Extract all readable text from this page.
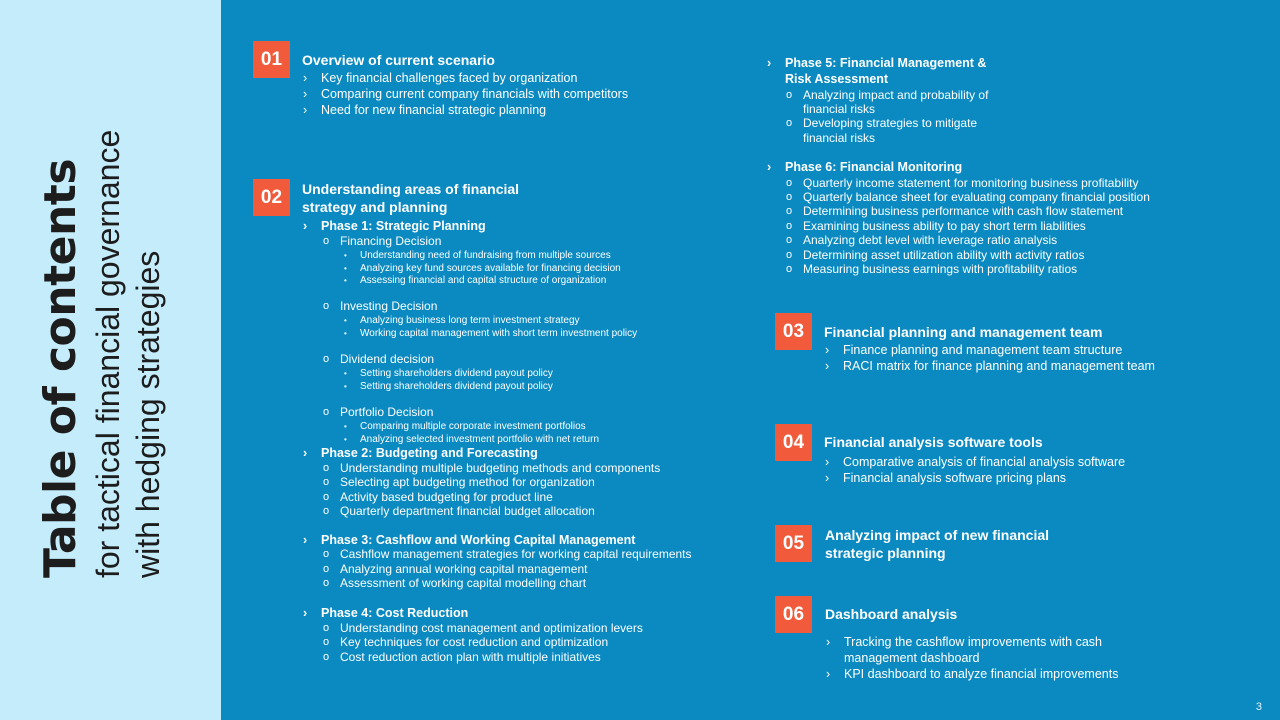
Table of contents for tactical financial governance with hedging strategies
01	Overview of current scenario
› Key financial challenges faced by organization
› Comparing current company financials with competitors
› Need for new financial strategic planning
02	Understanding areas of financial
strategy and planning
› Phase 1: Strategic Planning
o Financing Decision
• Understanding need of fundraising from multiple sources
• Analyzing key fund sources available for financing decision
• Assessing financial and capital structure of organization
o Investing Decision
• Analyzing business long term investment strategy
• Working capital management with short term investment policy
o Dividend decision
• Setting shareholders dividend payout policy
• Setting shareholders dividend payout policy
o Portfolio Decision
• Comparing multiple corporate investment portfolios
• Analyzing selected investment portfolio with net return
› Phase 2: Budgeting and Forecasting
o Understanding multiple budgeting methods and components
o Selecting apt budgeting method for organization
o Activity based budgeting for product line
o Quarterly department financial budget allocation
› Phase 3: Cashflow and Working Capital Management
o Cashflow management strategies for working capital requirements
o Analyzing annual working capital management
o Assessment of working capital modelling chart
› Phase 4: Cost Reduction
o Understanding cost management and optimization levers
o Key techniques for cost reduction and optimization
o Cost reduction action plan with multiple initiatives
› Phase 5: Financial Management &
Risk Assessment
o Analyzing impact and probability of
financial risks
o Developing strategies to mitigate
financial risks
› Phase 6: Financial Monitoring
o Quarterly income statement for monitoring business profitability
o Quarterly balance sheet for evaluating company financial position
o Determining business performance with cash flow statement
o Examining business ability to pay short term liabilities
o Analyzing debt level with leverage ratio analysis
o Determining asset utilization ability with activity ratios
o Measuring business earnings with profitability ratios
03	Financial planning and management team
› Finance planning and management team structure
› RACI matrix for finance planning and management team
04	Financial analysis software tools
› Comparative analysis of financial analysis software
› Financial analysis software pricing plans
05	Analyzing impact of new financial
strategic planning
06	Dashboard analysis
› Tracking the cashflow improvements with cash
management dashboard
› KPI dashboard to analyze financial improvements
3
